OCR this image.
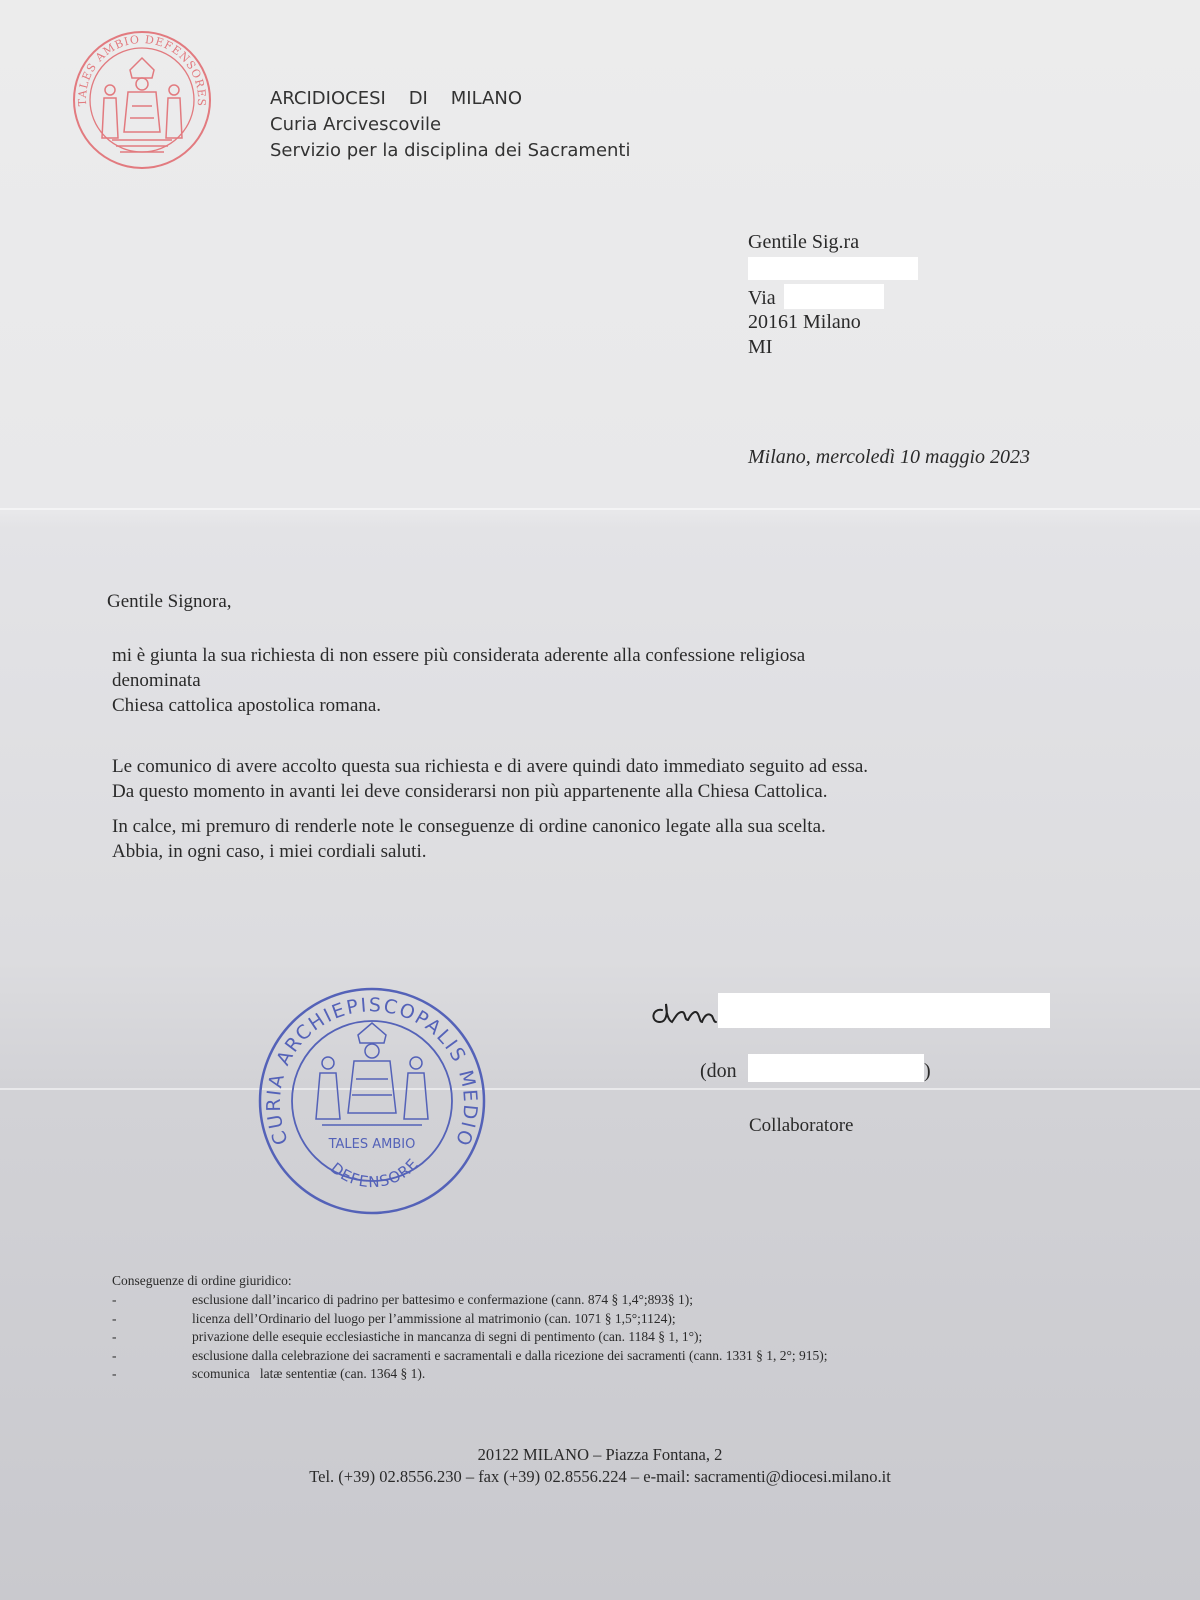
TALES AMBIO DEFENSORES	ARCIDIOCESI    DI    MILANO
Curia Arcivescovile
Servizio per la disciplina dei Sacramenti
Gentile Sig.ra
Via
20161 Milano
MI
Milano, mercoledì 10 maggio 2023
Gentile Signora,
mi è giunta la sua richiesta di non essere più considerata aderente alla confessione religiosa
denominata
Chiesa cattolica apostolica romana.
Le comunico di avere accolto questa sua richiesta e di avere quindi dato immediato seguito ad essa.
Da questo momento in avanti lei deve considerarsi non più appartenente alla Chiesa Cattolica.
In calce, mi premuro di renderle note le conseguenze di ordine canonico legate alla sua scelta.
Abbia, in ogni caso, i miei cordiali saluti.
CURIA ARCHIEPISCOPALIS MEDIO
TALES AMBIO
DEFENSORE
(don	)
Collaboratore
Conseguenze di ordine giuridico:
-	esclusione dall’incarico di padrino per battesimo e confermazione (cann. 874 § 1,4°;893§ 1);
-	licenza dell’Ordinario del luogo per l’ammissione al matrimonio (can. 1071 § 1,5°;1124);
-	privazione delle esequie ecclesiastiche in mancanza di segni di pentimento (can. 1184 § 1, 1°);
-	esclusione dalla celebrazione dei sacramenti e sacramentali e dalla ricezione dei sacramenti (cann. 1331 § 1, 2°; 915);
-	scomunica   latæ sententiæ (can. 1364 § 1).
20122 MILANO – Piazza Fontana, 2
Tel. (+39) 02.8556.230 – fax (+39) 02.8556.224 – e-mail: sacramenti@diocesi.milano.it
